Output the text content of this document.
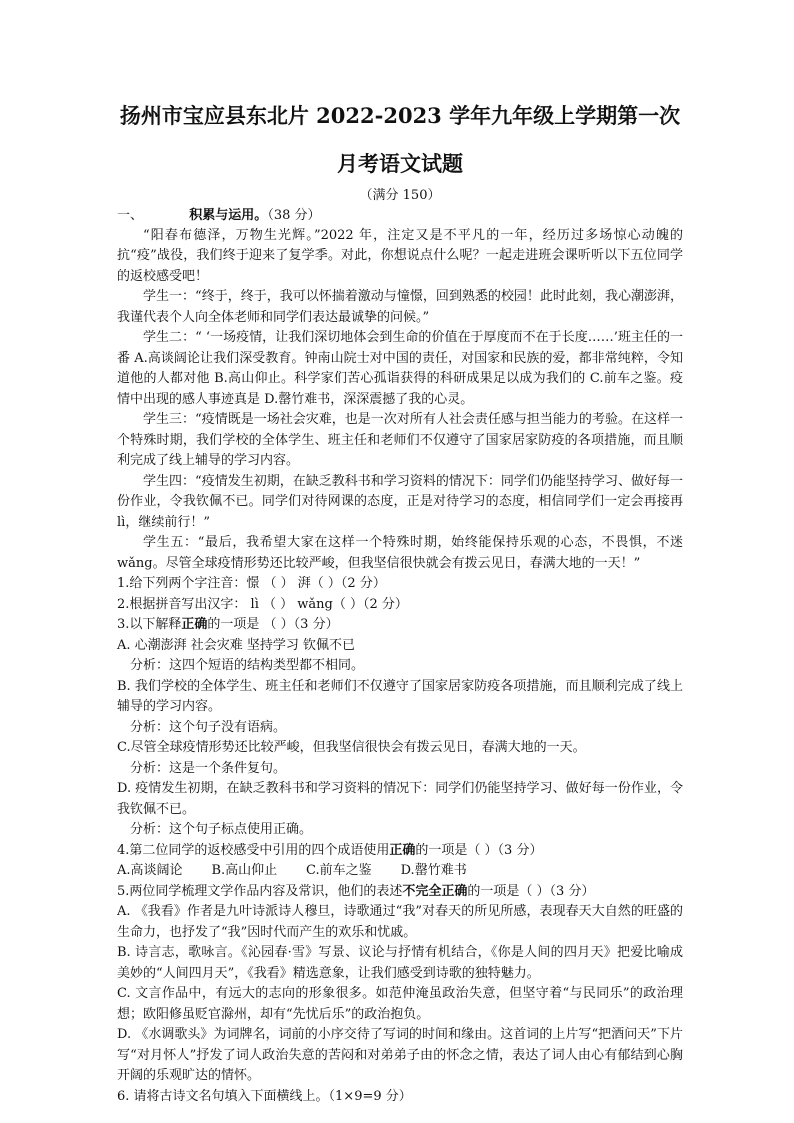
扬州市宝应县东北片 2022-2023 学年九年级上学期第一次
月考语文试题
（满分 150）
一、	积累与运用。（38 分）

“阳春布德泽，万物生光辉。”2022 年，注定又是不平凡的一年，经历过多场惊心动魄的抗“疫”战役，我们终于迎来了复学季。对此，你想说点什么呢？一起走进班会课听听以下五位同学的返校感受吧！

学生一：“终于，终于，我可以怀揣着激动与憧憬，回到熟悉的校园！此时此刻，我心潮澎湃，我谨代表个人向全体老师和同学们表达最诚挚的问候。”

学生二：“ ‘一场疫情，让我们深切地体会到生命的价值在于厚度而不在于长度……’班主任的一番 A.高谈阔论让我们深受教育。钟南山院士对中国的责任，对国家和民族的爱，都非常纯粹，令知道他的人都对他 B.高山仰止。科学家们苦心孤诣获得的科研成果足以成为我们的 C.前车之鉴。疫情中出现的感人事迹真是 D.罄竹难书，深深震撼了我的心灵。

学生三：“疫情既是一场社会灾难，也是一次对所有人社会责任感与担当能力的考验。在这样一个特殊时期，我们学校的全体学生、班主任和老师们不仅遵守了国家居家防疫的各项措施，而且顺利完成了线上辅导的学习内容。

学生四：“疫情发生初期，在缺乏教科书和学习资料的情况下：同学们仍能坚持学习、做好每一份作业，令我钦佩不已。同学们对待网课的态度，正是对待学习的态度，相信同学们一定会再接再 lì，继续前行！”

学生五：“最后，我希望大家在这样一个特殊时期，始终能保持乐观的心态，不畏惧，不迷 wǎng。尽管全球疫情形势还比较严峻，但我坚信很快就会有拨云见日，春满大地的一天！”

1.给下列两个字注音：憬 （ ） 湃（ ）（2 分）

2.根据拼音写出汉字： lì （ ） wǎng（ ）（2 分）

3.以下解释正确的一项是 （ ）（3 分）

A. 心潮澎湃 社会灾难 坚持学习 钦佩不已

分析：这四个短语的结构类型都不相同。

B. 我们学校的全体学生、班主任和老师们不仅遵守了国家居家防疫各项措施，而且顺利完成了线上辅导的学习内容。

分析：这个句子没有语病。

C.尽管全球疫情形势还比较严峻，但我坚信很快会有拨云见日，春满大地的一天。

分析：这是一个条件复句。

D. 疫情发生初期，在缺乏教科书和学习资料的情况下：同学们仍能坚持学习、做好每一份作业，令我钦佩不已。

分析：这个句子标点使用正确。

4.第二位同学的返校感受中引用的四个成语使用正确的一项是（ ）（3 分）

A.高谈阔论       B.高山仰止       C.前车之鉴       D.罄竹难书

5.两位同学梳理文学作品内容及常识，他们的表述不完全正确的一项是（ ）（3 分）

A. 《我看》作者是九叶诗派诗人穆旦，诗歌通过“我”对春天的所见所感，表现春天大自然的旺盛的生命力，也抒发了“我”因时代而产生的欢乐和忧戚。

B. 诗言志，歌咏言。《沁园春·雪》写景、议论与抒情有机结合，《你是人间的四月天》把爱比喻成美妙的“人间四月天”，《我看》精选意象，让我们感受到诗歌的独特魅力。

C. 文言作品中，有远大的志向的形象很多。如范仲淹虽政治失意，但坚守着“与民同乐”的政治理想；欧阳修虽贬官滁州，却有“先忧后乐”的政治抱负。

D. 《水调歌头》为词牌名，词前的小序交待了写词的时间和缘由。这首词的上片写“把酒问天”下片写“对月怀人”抒发了词人政治失意的苦闷和对弟弟子由的怀念之情，表达了词人由心有郁结到心胸开阔的乐观旷达的情怀。

6. 请将古诗文名句填入下面横线上。（1×9=9 分）
